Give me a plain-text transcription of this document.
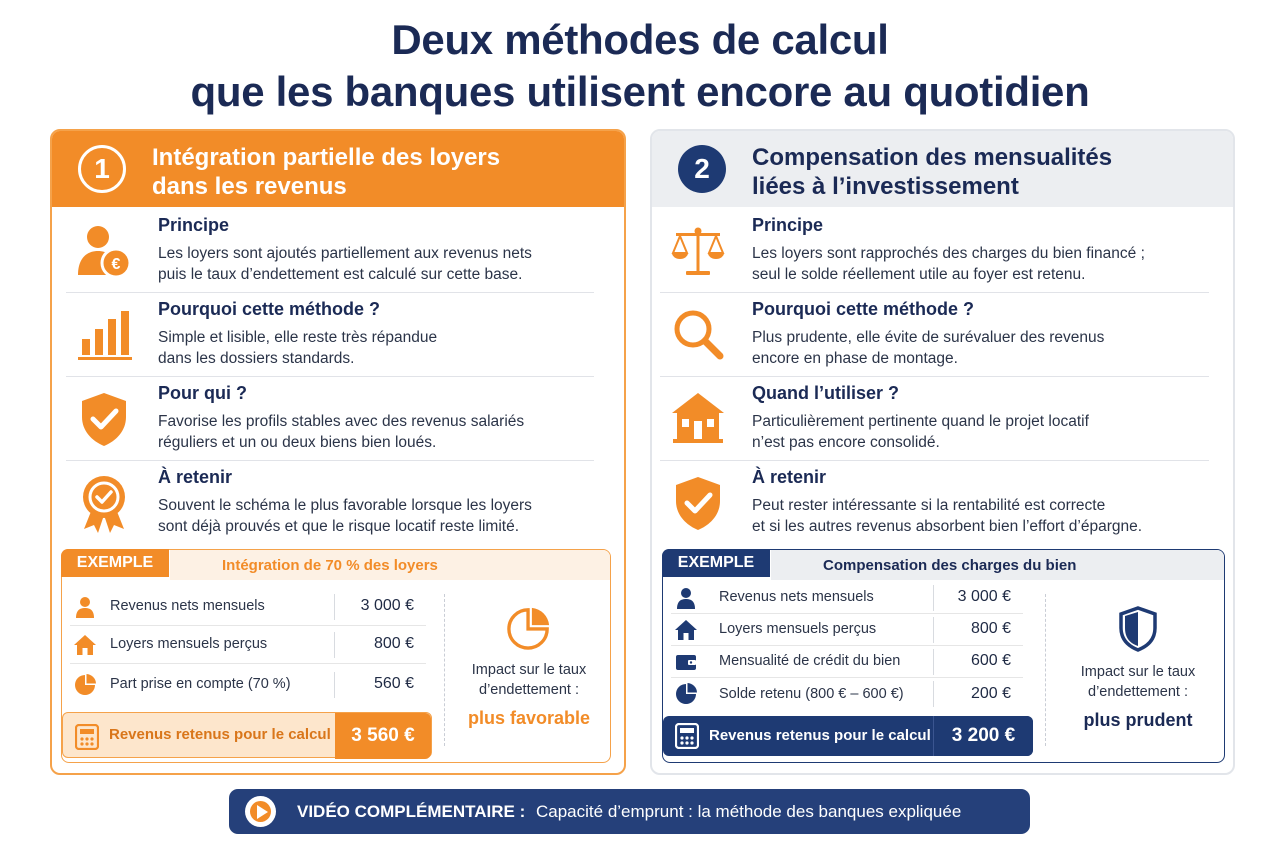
Deux méthodes de calcul
que les banques utilisent encore au quotidien
1	Intégration partielle des loyers
dans les revenus
€
Principe
Les loyers sont ajoutés partiellement aux revenus nets
puis le taux d’endettement est calculé sur cette base.
Pourquoi cette méthode ?
Simple et lisible, elle reste très répandue
dans les dossiers standards.
Pour qui ?
Favorise les profils stables avec des revenus salariés
réguliers et un ou deux biens bien loués.
À retenir
Souvent le schéma le plus favorable lorsque les loyers
sont déjà prouvés et que le risque locatif reste limité.
EXEMPLE	Intégration de 70 % des loyers
Revenus nets mensuels	3 000 €
Loyers mensuels perçus	800 €
Part prise en compte (70 %)	560 €
Revenus retenus pour le calcul	3 560 €
Impact sur le taux
d’endettement :
plus favorable
2	Compensation des mensualités
liées à l’investissement
Principe
Les loyers sont rapprochés des charges du bien financé ;
seul le solde réellement utile au foyer est retenu.
Pourquoi cette méthode ?
Plus prudente, elle évite de surévaluer des revenus
encore en phase de montage.
Quand l’utiliser ?
Particulièrement pertinente quand le projet locatif
n’est pas encore consolidé.
À retenir
Peut rester intéressante si la rentabilité est correcte
et si les autres revenus absorbent bien l’effort d’épargne.
EXEMPLE	Compensation des charges du bien
Revenus nets mensuels	3 000 €
Loyers mensuels perçus	800 €
Mensualité de crédit du bien	600 €
Solde retenu (800 € – 600 €)	200 €
Revenus retenus pour le calcul	3 200 €
Impact sur le taux
d’endettement :
plus prudent
VIDÉO COMPLÉMENTAIRE : Capacité d’emprunt : la méthode des banques expliquée
